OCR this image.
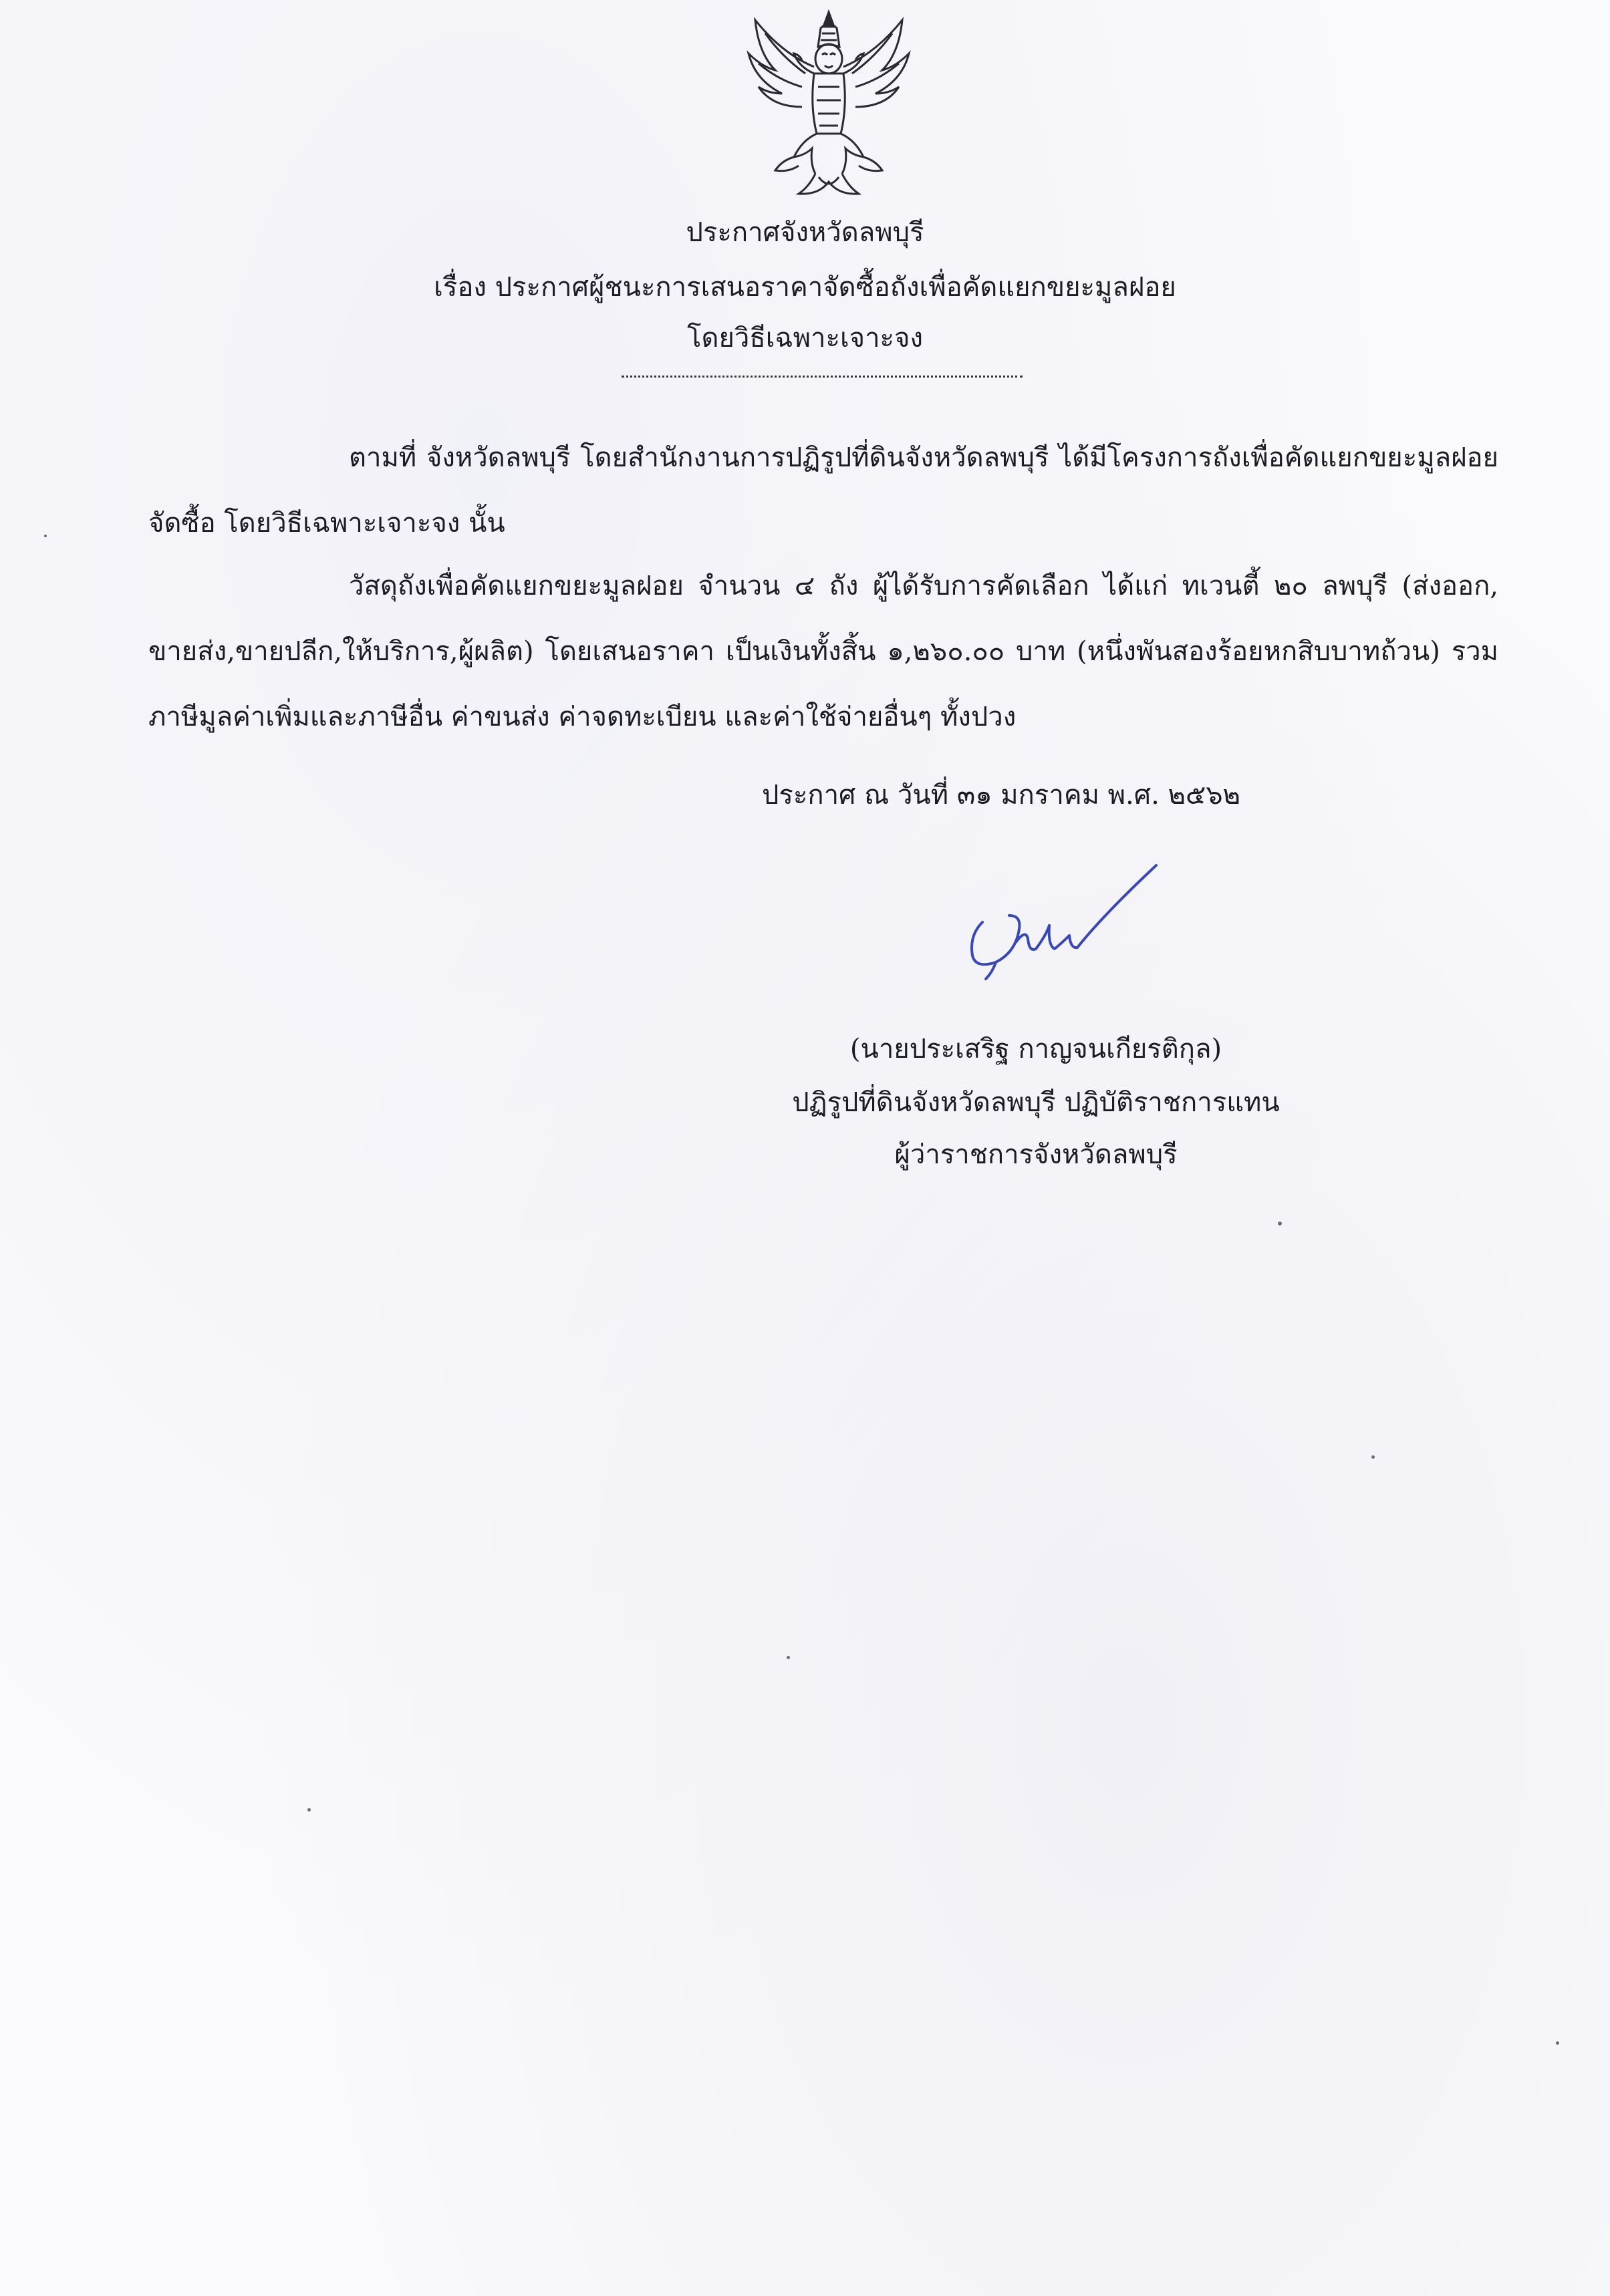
ประกาศจังหวัดลพบุรี
เรื่อง ประกาศผู้ชนะการเสนอราคาจัดซื้อถังเพื่อคัดแยกขยะมูลฝอย
โดยวิธีเฉพาะเจาะจง
ตามที่ จังหวัดลพบุรี โดยสำนักงานการปฏิรูปที่ดินจังหวัดลพบุรี ได้มีโครงการถังเพื่อคัดแยกขยะมูลฝอยจัดซื้อ โดยวิธีเฉพาะเจาะจง นั้น
วัสดุถังเพื่อคัดแยกขยะมูลฝอย จำนวน ๔ ถัง ผู้ได้รับการคัดเลือก ได้แก่ ทเวนตี้ ๒๐ ลพบุรี (ส่งออก, ขายส่ง,ขายปลีก,ให้บริการ,ผู้ผลิต) โดยเสนอราคา เป็นเงินทั้งสิ้น ๑,๒๖๐.๐๐ บาท (หนึ่งพันสองร้อยหกสิบบาทถ้วน) รวมภาษีมูลค่าเพิ่มและภาษีอื่น ค่าขนส่ง ค่าจดทะเบียน และค่าใช้จ่ายอื่นๆ ทั้งปวง
ประกาศ ณ วันที่ ๓๑ มกราคม พ.ศ. ๒๕๖๒
(นายประเสริฐ กาญจนเกียรติกุล)
ปฏิรูปที่ดินจังหวัดลพบุรี ปฏิบัติราชการแทน
ผู้ว่าราชการจังหวัดลพบุรี
